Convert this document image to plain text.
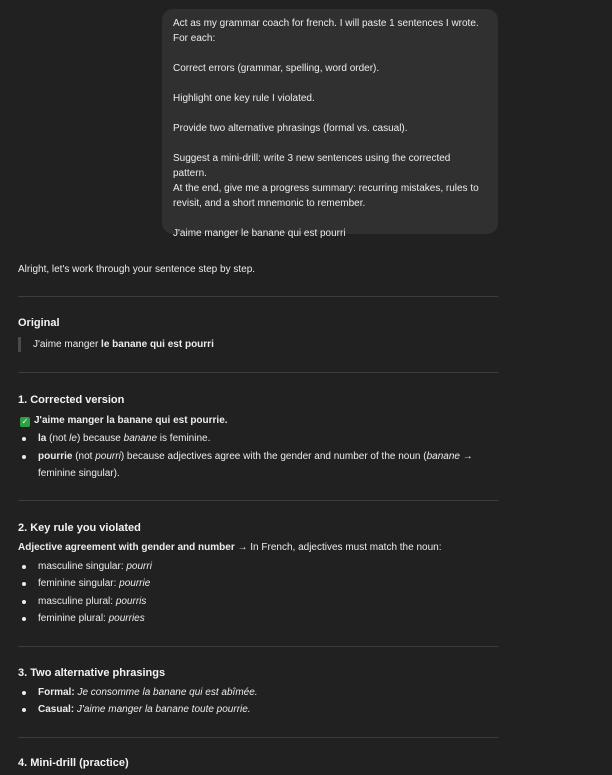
Act as my grammar coach for french. I will paste 1 sentences I wrote.
For each:

Correct errors (grammar, spelling, word order).

Highlight one key rule I violated.

Provide two alternative phrasings (formal vs. casual).

Suggest a mini-drill: write 3 new sentences using the corrected pattern.
At the end, give me a progress summary: recurring mistakes, rules to
revisit, and a short mnemonic to remember.

J'aime manger le banane qui est pourri

Alright, let's work through your sentence step by step.

Original
J'aime manger le banane qui est pourri
1. Corrected version
✓ J'aime manger la banane qui est pourrie.
la (not le) because banane is feminine.
pourrie (not pourri) because adjectives agree with the gender and number of the noun (banane → feminine singular).
2. Key rule you violated
Adjective agreement with gender and number → In French, adjectives must match the noun:
masculine singular: pourri
feminine singular: pourrie
masculine plural: pourris
feminine plural: pourries
3. Two alternative phrasings
Formal: Je consomme la banane qui est abîmée.
Casual: J'aime manger la banane toute pourrie.
4. Mini-drill (practice)
